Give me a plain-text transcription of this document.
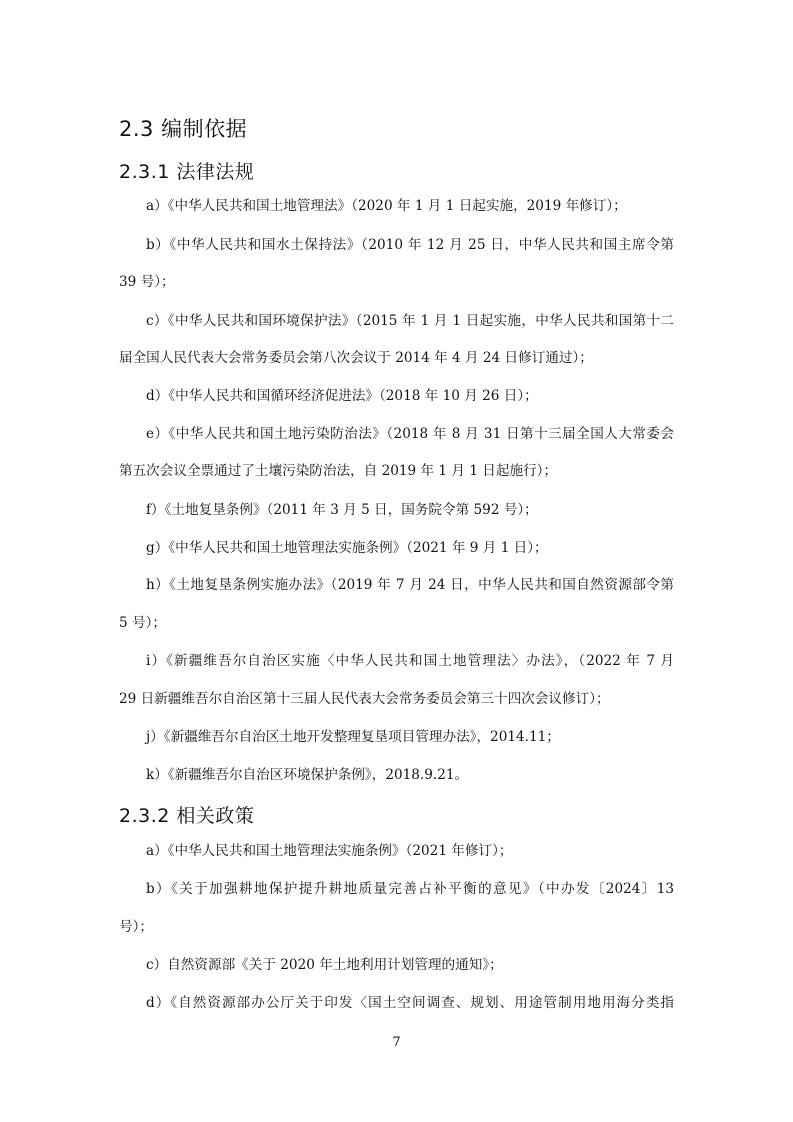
2.3 编制依据
2.3.1 法律法规
a）《中华人民共和国土地管理法》（2020 年 1 月 1 日起实施，2019 年修订）；
b）《中华人民共和国水土保持法》（2010 年 12 月 25 日，中华人民共和国主席令第
39 号）；
c）《中华人民共和国环境保护法》（2015 年 1 月 1 日起实施，中华人民共和国第十二
届全国人民代表大会常务委员会第八次会议于 2014 年 4 月 24 日修订通过）；
d）《中华人民共和国循环经济促进法》（2018 年 10 月 26 日）；
e）《中华人民共和国土地污染防治法》（2018 年 8 月 31 日第十三届全国人大常委会
第五次会议全票通过了土壤污染防治法，自 2019 年 1 月 1 日起施行）；
f）《土地复垦条例》（2011 年 3 月 5 日，国务院令第 592 号）；
g）《中华人民共和国土地管理法实施条例》（2021 年 9 月 1 日）；
h）《土地复垦条例实施办法》（2019 年 7 月 24 日，中华人民共和国自然资源部令第
5 号）；
i）《新疆维吾尔自治区实施〈中华人民共和国土地管理法〉办法》，（2022 年 7 月
29 日新疆维吾尔自治区第十三届人民代表大会常务委员会第三十四次会议修订）；
j）《新疆维吾尔自治区土地开发整理复垦项目管理办法》，2014.11；
k）《新疆维吾尔自治区环境保护条例》，2018.9.21。
2.3.2 相关政策
a）《中华人民共和国土地管理法实施条例》（2021 年修订）；
b）《关于加强耕地保护提升耕地质量完善占补平衡的意见》（中办发〔2024〕13
号）；
c）自然资源部《关于 2020 年土地利用计划管理的通知》；
d）《自然资源部办公厅关于印发〈国土空间调查、规划、用途管制用地用海分类指
7
